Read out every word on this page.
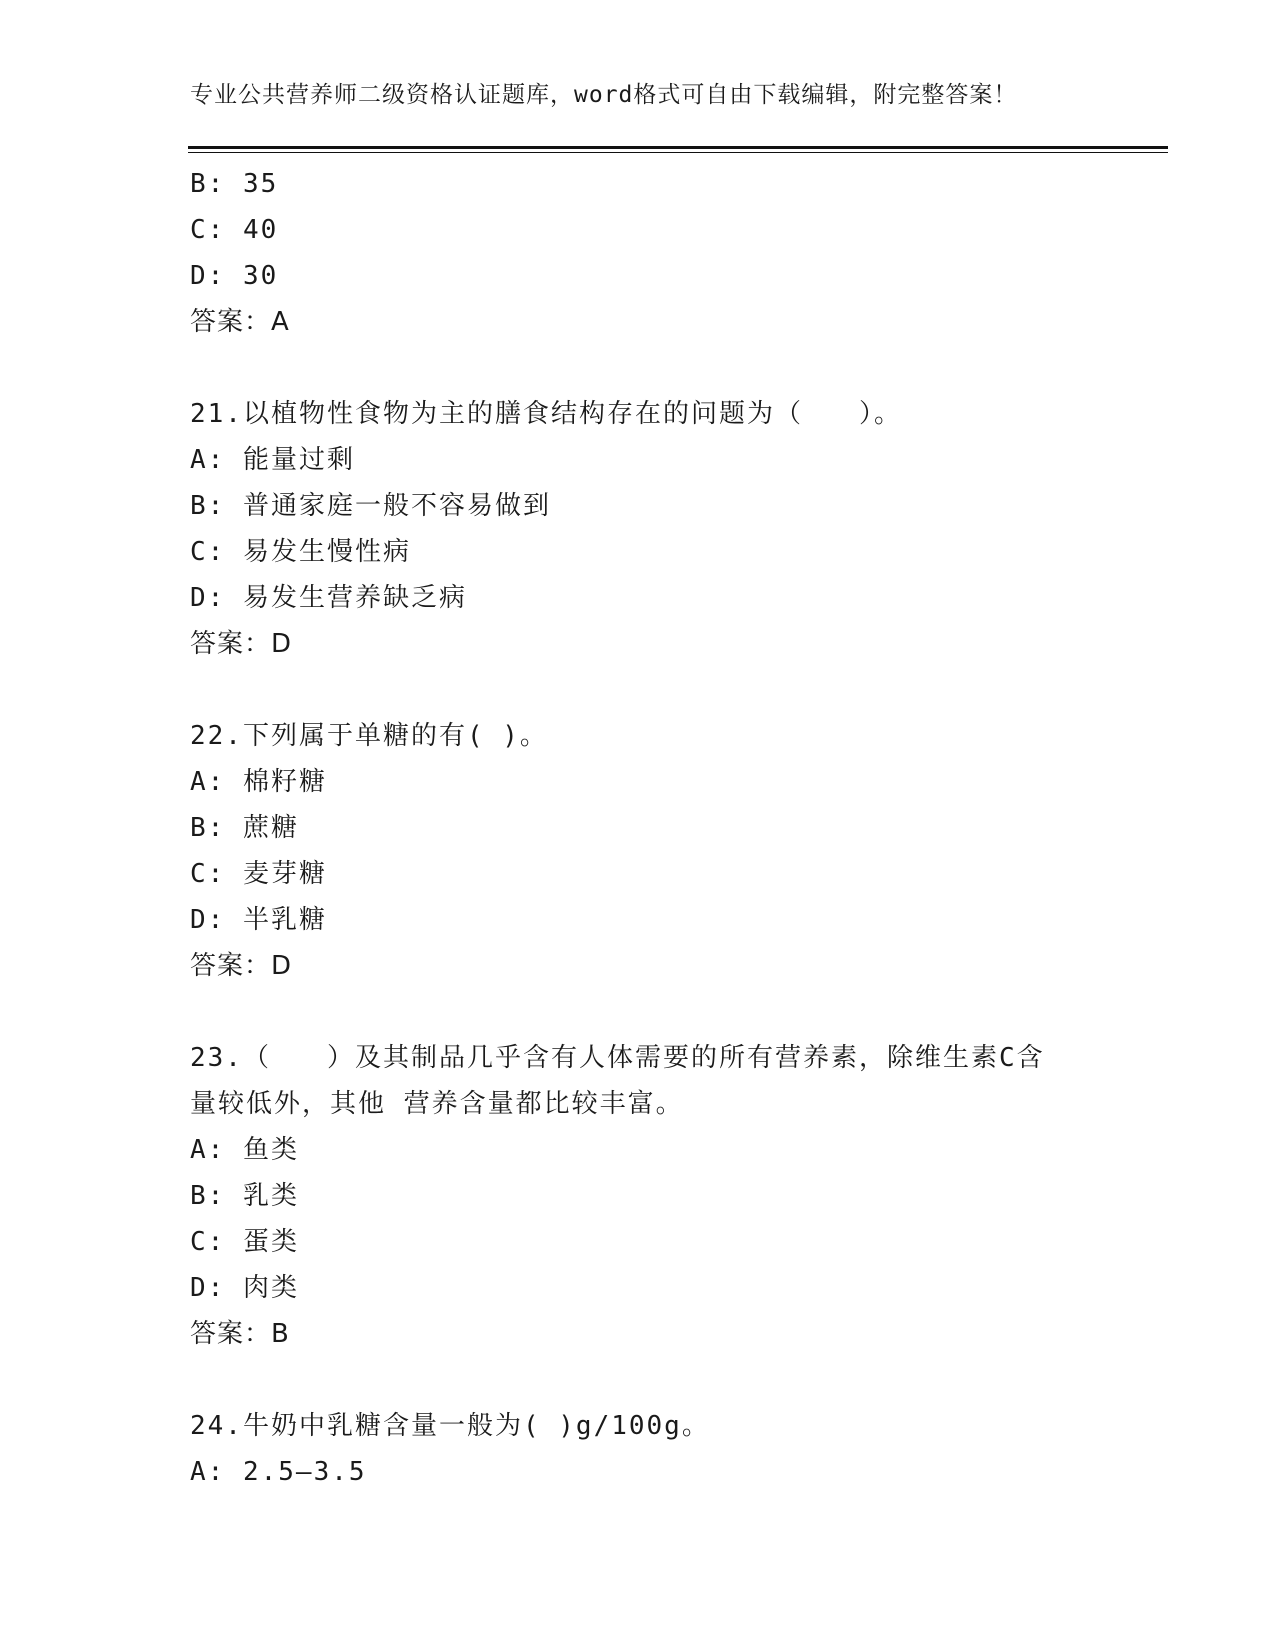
专业公共营养师二级资格认证题库，word格式可自由下载编辑，附完整答案！
B: 35
C: 40
D: 30
答案：A
21.以植物性食物为主的膳食结构存在的问题为（　　）。
A: 能量过剩
B: 普通家庭一般不容易做到
C: 易发生慢性病
D: 易发生营养缺乏病
答案：D
22.下列属于单糖的有( )。
A: 棉籽糖
B: 蔗糖
C: 麦芽糖
D: 半乳糖
答案：D
23.（　　）及其制品几乎含有人体需要的所有营养素，除维生素C含
量较低外，其他 营养含量都比较丰富。
A: 鱼类
B: 乳类
C: 蛋类
D: 肉类
答案：B
24.牛奶中乳糖含量一般为( )g/100g。
A: 2.5—3.5
